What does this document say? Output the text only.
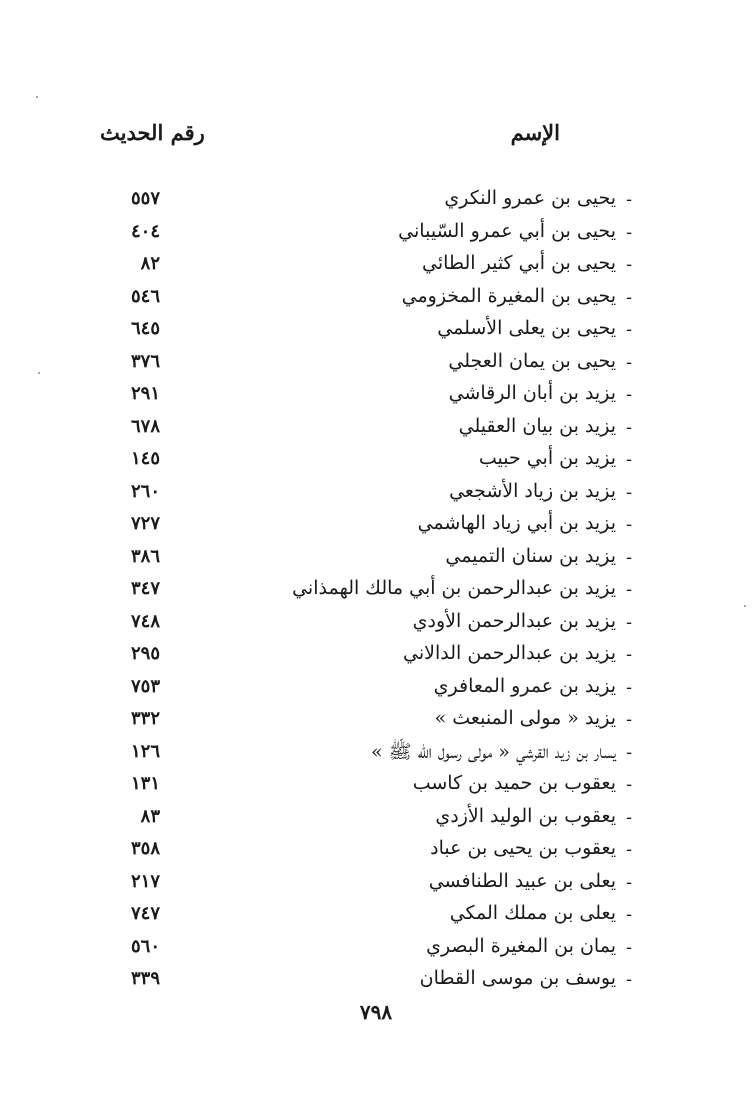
الإسم
رقم الحديث
-
يحيى بن عمرو النكري
٥٥٧
-
يحيى بن أبي عمرو السّيباني
٤٠٤
-
يحيى بن أبي كثير الطائي
٨٢
-
يحيى بن المغيرة المخزومي
٥٤٦
-
يحيى بن يعلى الأسلمي
٦٤٥
-
يحيى بن يمان العجلي
٣٧٦
-
يزيد بن أبان الرقاشي
٢٩١
-
يزيد بن بيان العقيلي
٦٧٨
-
يزيد بن أبي حبيب
١٤٥
-
يزيد بن زياد الأشجعي
٢٦٠
-
يزيد بن أبي زياد الهاشمي
٧٢٧
-
يزيد بن سنان التميمي
٣٨٦
-
يزيد بن عبدالرحمن بن أبي مالك الهمذاني
٣٤٧
-
يزيد بن عبدالرحمن الأودي
٧٤٨
-
يزيد بن عبدالرحمن الدالاني
٢٩٥
-
يزيد بن عمرو المعافري
٧٥٣
-
يزيد « مولى المنبعث »
٣٣٢
-
يسار بن زيد القرشي « مولى رسول الله ﷺ »
١٢٦
-
يعقوب بن حميد بن كاسب
١٣١
-
يعقوب بن الوليد الأزدي
٨٣
-
يعقوب بن يحيى بن عباد
٣٥٨
-
يعلى بن عبيد الطنافسي
٢١٧
-
يعلى بن مملك المكي
٧٤٧
-
يمان بن المغيرة البصري
٥٦٠
-
يوسف بن موسى القطان
٣٣٩
٧٩٨
